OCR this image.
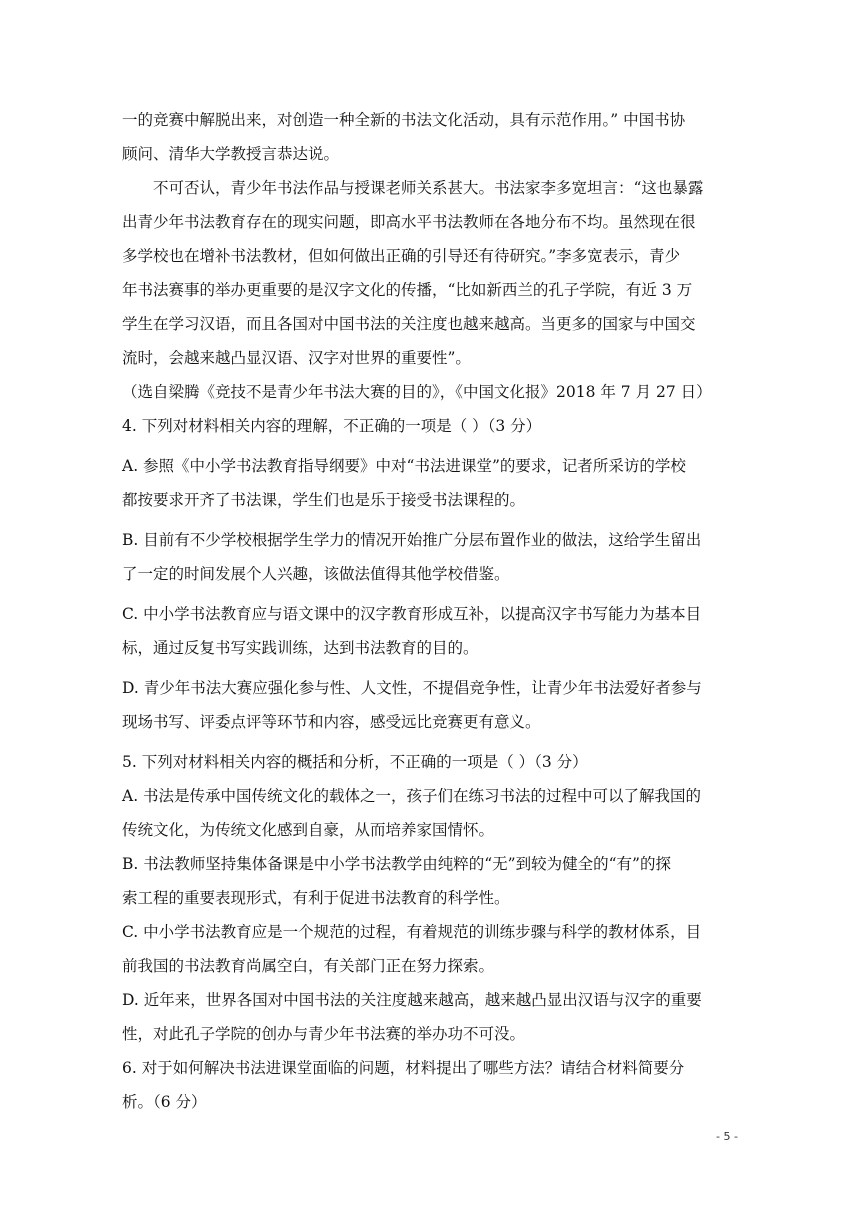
一的竞赛中解脱出来，对创造一种全新的书法文化活动，具有示范作用。” 中国书协
顾问、清华大学教授言恭达说。
不可否认，青少年书法作品与授课老师关系甚大。书法家李多宽坦言：“这也暴露
出青少年书法教育存在的现实问题，即高水平书法教师在各地分布不均。虽然现在很
多学校也在增补书法教材，但如何做出正确的引导还有待研究。”李多宽表示，青少
年书法赛事的举办更重要的是汉字文化的传播，“比如新西兰的孔子学院，有近 3 万
学生在学习汉语，而且各国对中国书法的关注度也越来越高。当更多的国家与中国交
流时，会越来越凸显汉语、汉字对世界的重要性”。
（选自梁腾《竞技不是青少年书法大赛的目的》，《中国文化报》2018 年 7 月 27 日）
4. 下列对材料相关内容的理解，不正确的一项是（ ）（3 分）
A. 参照《中小学书法教育指导纲要》中对“书法进课堂”的要求，记者所采访的学校
都按要求开齐了书法课，学生们也是乐于接受书法课程的。
B. 目前有不少学校根据学生学力的情况开始推广分层布置作业的做法，这给学生留出
了一定的时间发展个人兴趣，该做法值得其他学校借鉴。
C. 中小学书法教育应与语文课中的汉字教育形成互补，以提高汉字书写能力为基本目
标，通过反复书写实践训练，达到书法教育的目的。
D. 青少年书法大赛应强化参与性、人文性，不提倡竞争性，让青少年书法爱好者参与
现场书写、评委点评等环节和内容，感受远比竞赛更有意义。
5. 下列对材料相关内容的概括和分析，不正确的一项是（ ）（3 分）
A. 书法是传承中国传统文化的载体之一，孩子们在练习书法的过程中可以了解我国的
传统文化，为传统文化感到自豪，从而培养家国情怀。
B. 书法教师坚持集体备课是中小学书法教学由纯粹的“无”到较为健全的“有”的探
索工程的重要表现形式，有利于促进书法教育的科学性。
C. 中小学书法教育应是一个规范的过程，有着规范的训练步骤与科学的教材体系，目
前我国的书法教育尚属空白，有关部门正在努力探索。
D. 近年来，世界各国对中国书法的关注度越来越高，越来越凸显出汉语与汉字的重要
性，对此孔子学院的创办与青少年书法赛的举办功不可没。
6. 对于如何解决书法进课堂面临的问题，材料提出了哪些方法？请结合材料简要分
析。（6 分）
- 5 -
